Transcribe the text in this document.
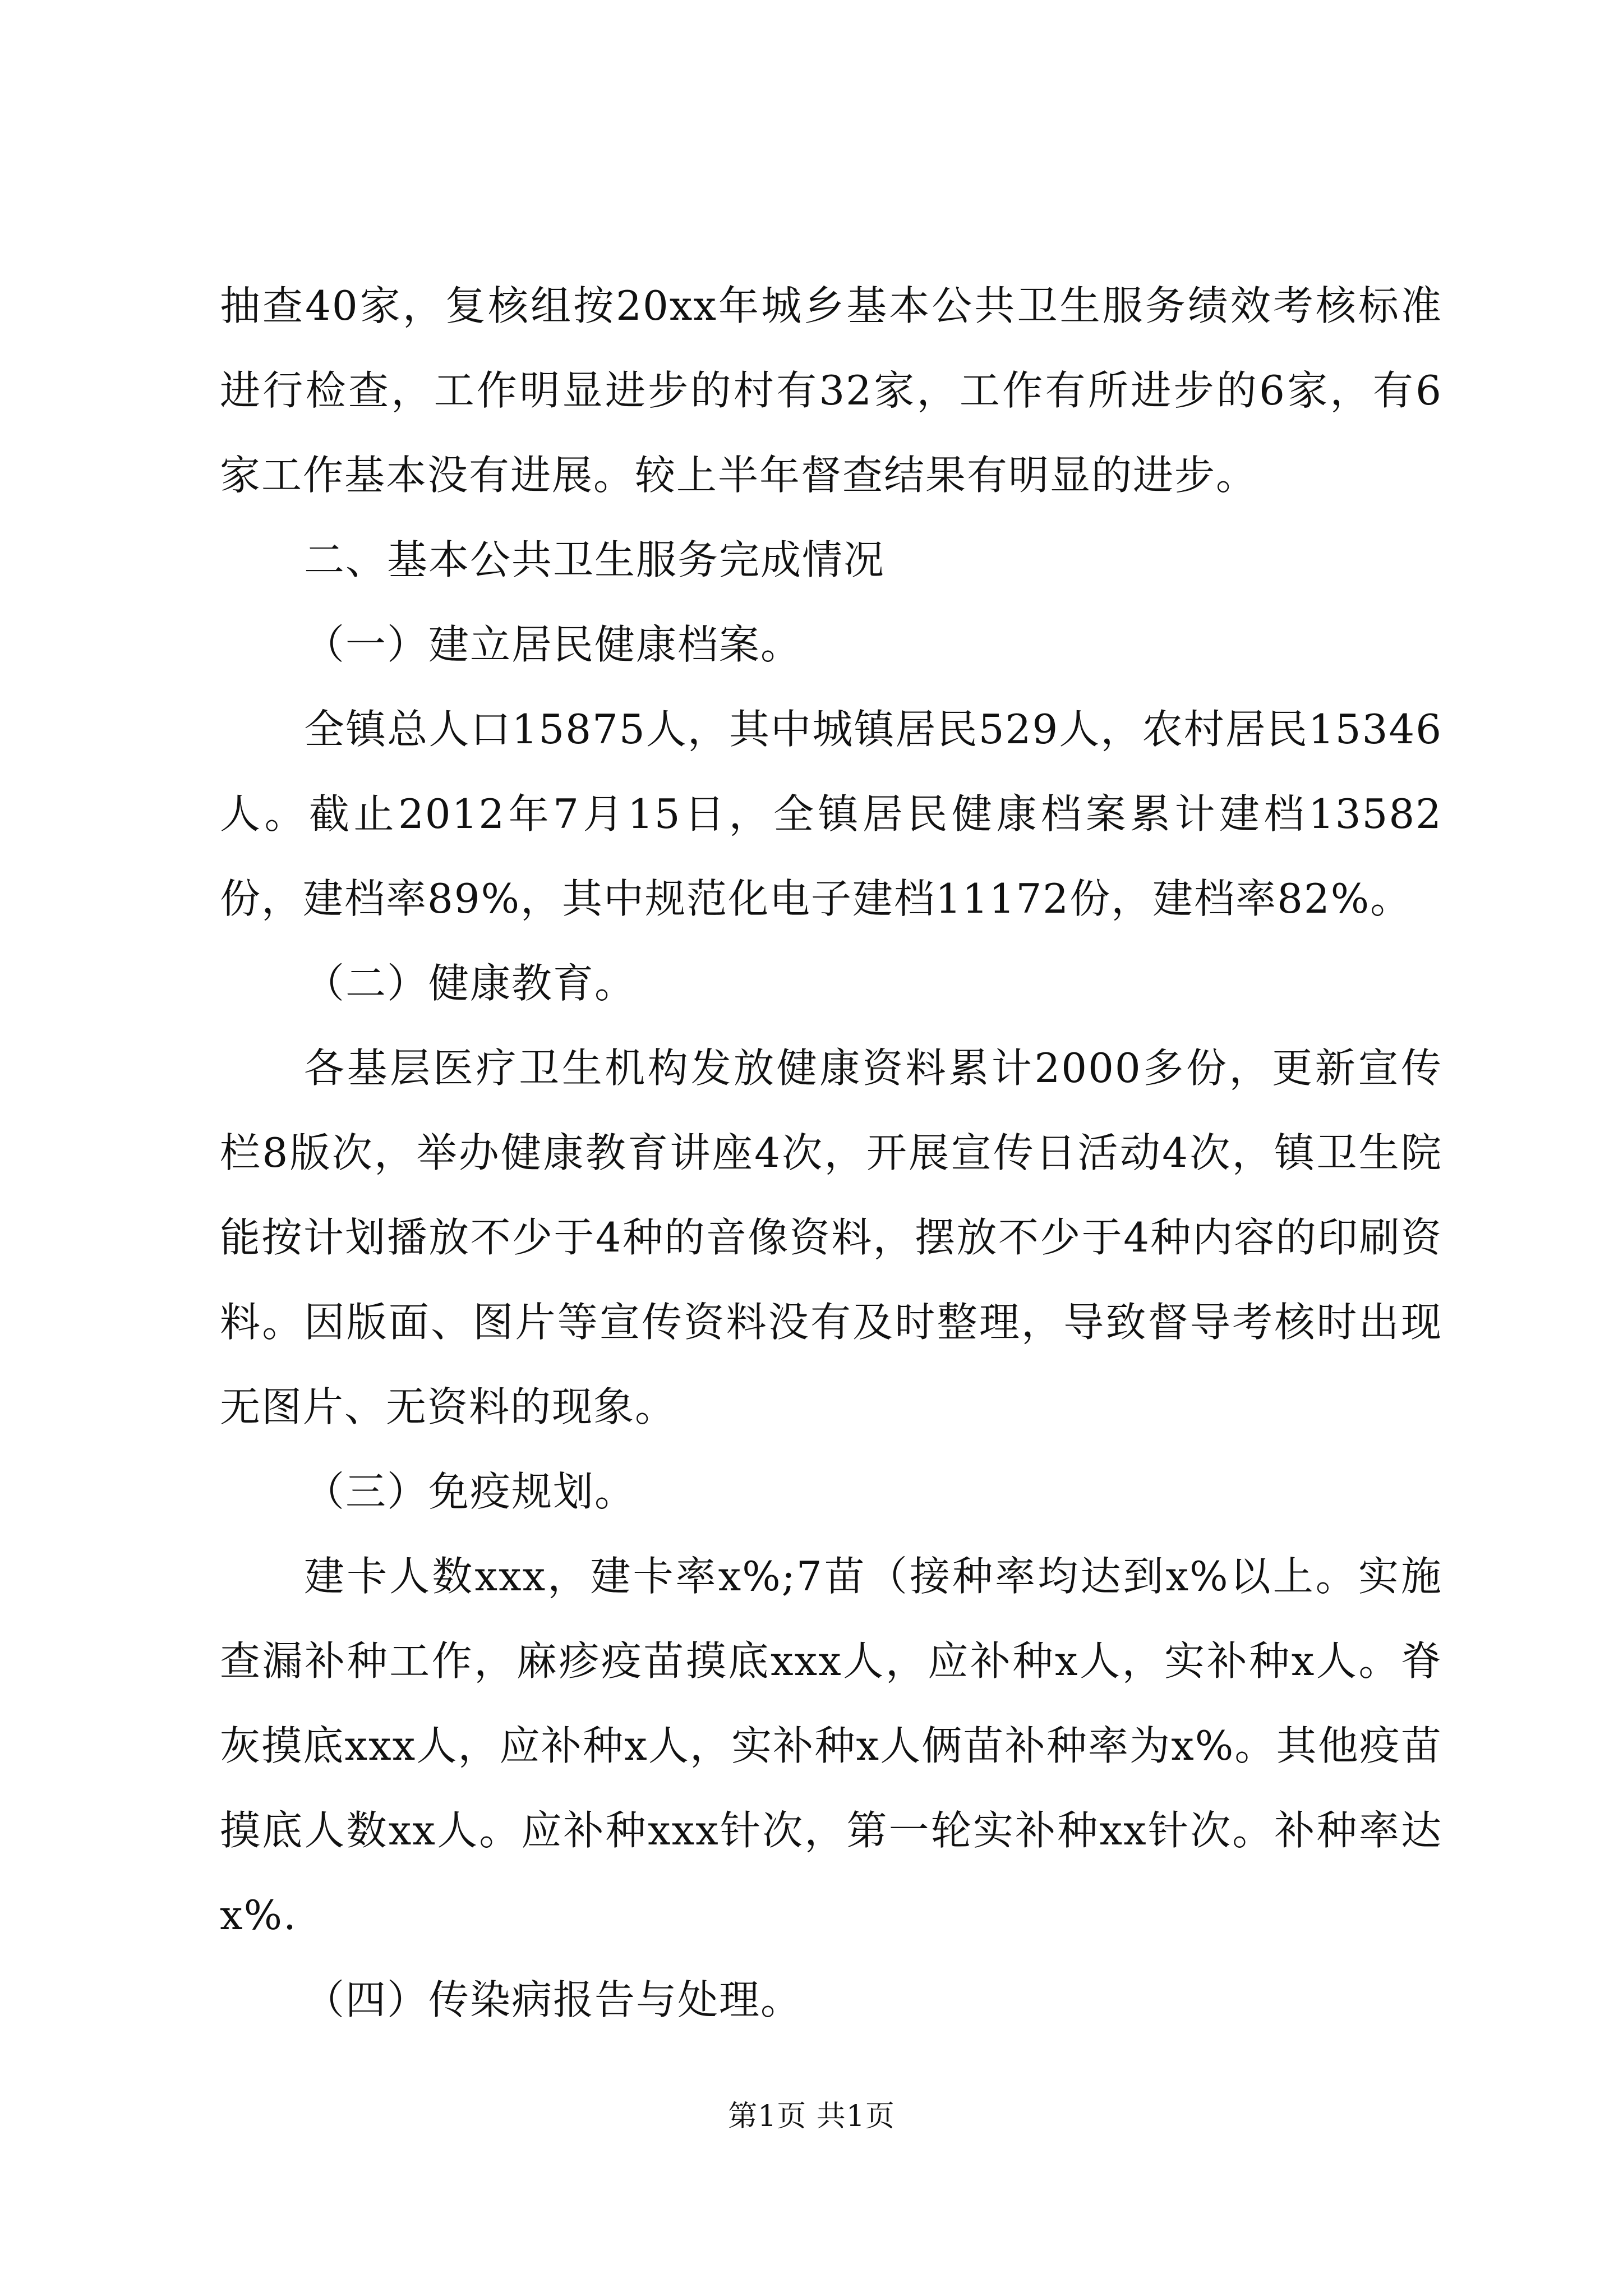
抽查40家，复核组按20xx年城乡基本公共卫生服务绩效考核标准进行检查，工作明显进步的村有32家，工作有所进步的6家，有6家工作基本没有进展。较上半年督查结果有明显的进步。

二、基本公共卫生服务完成情况

（一）建立居民健康档案。

全镇总人口15875人，其中城镇居民529人，农村居民15346人。截止2012年7月15日，全镇居民健康档案累计建档13582份，建档率89%，其中规范化电子建档11172份，建档率82%。

（二）健康教育。

各基层医疗卫生机构发放健康资料累计2000多份，更新宣传栏8版次，举办健康教育讲座4次，开展宣传日活动4次，镇卫生院能按计划播放不少于4种的音像资料，摆放不少于4种内容的印刷资料。因版面、图片等宣传资料没有及时整理，导致督导考核时出现无图片、无资料的现象。

（三）免疫规划。

建卡人数xxx，建卡率x%;7苗（接种率均达到x%以上。实施查漏补种工作，麻疹疫苗摸底xxx人，应补种x人，实补种x人。脊灰摸底xxx人，应补种x人，实补种x人俩苗补种率为x%。其他疫苗摸底人数xx人。应补种xxx针次，第一轮实补种xx针次。补种率达x%.

（四）传染病报告与处理。

第1页 共1页
